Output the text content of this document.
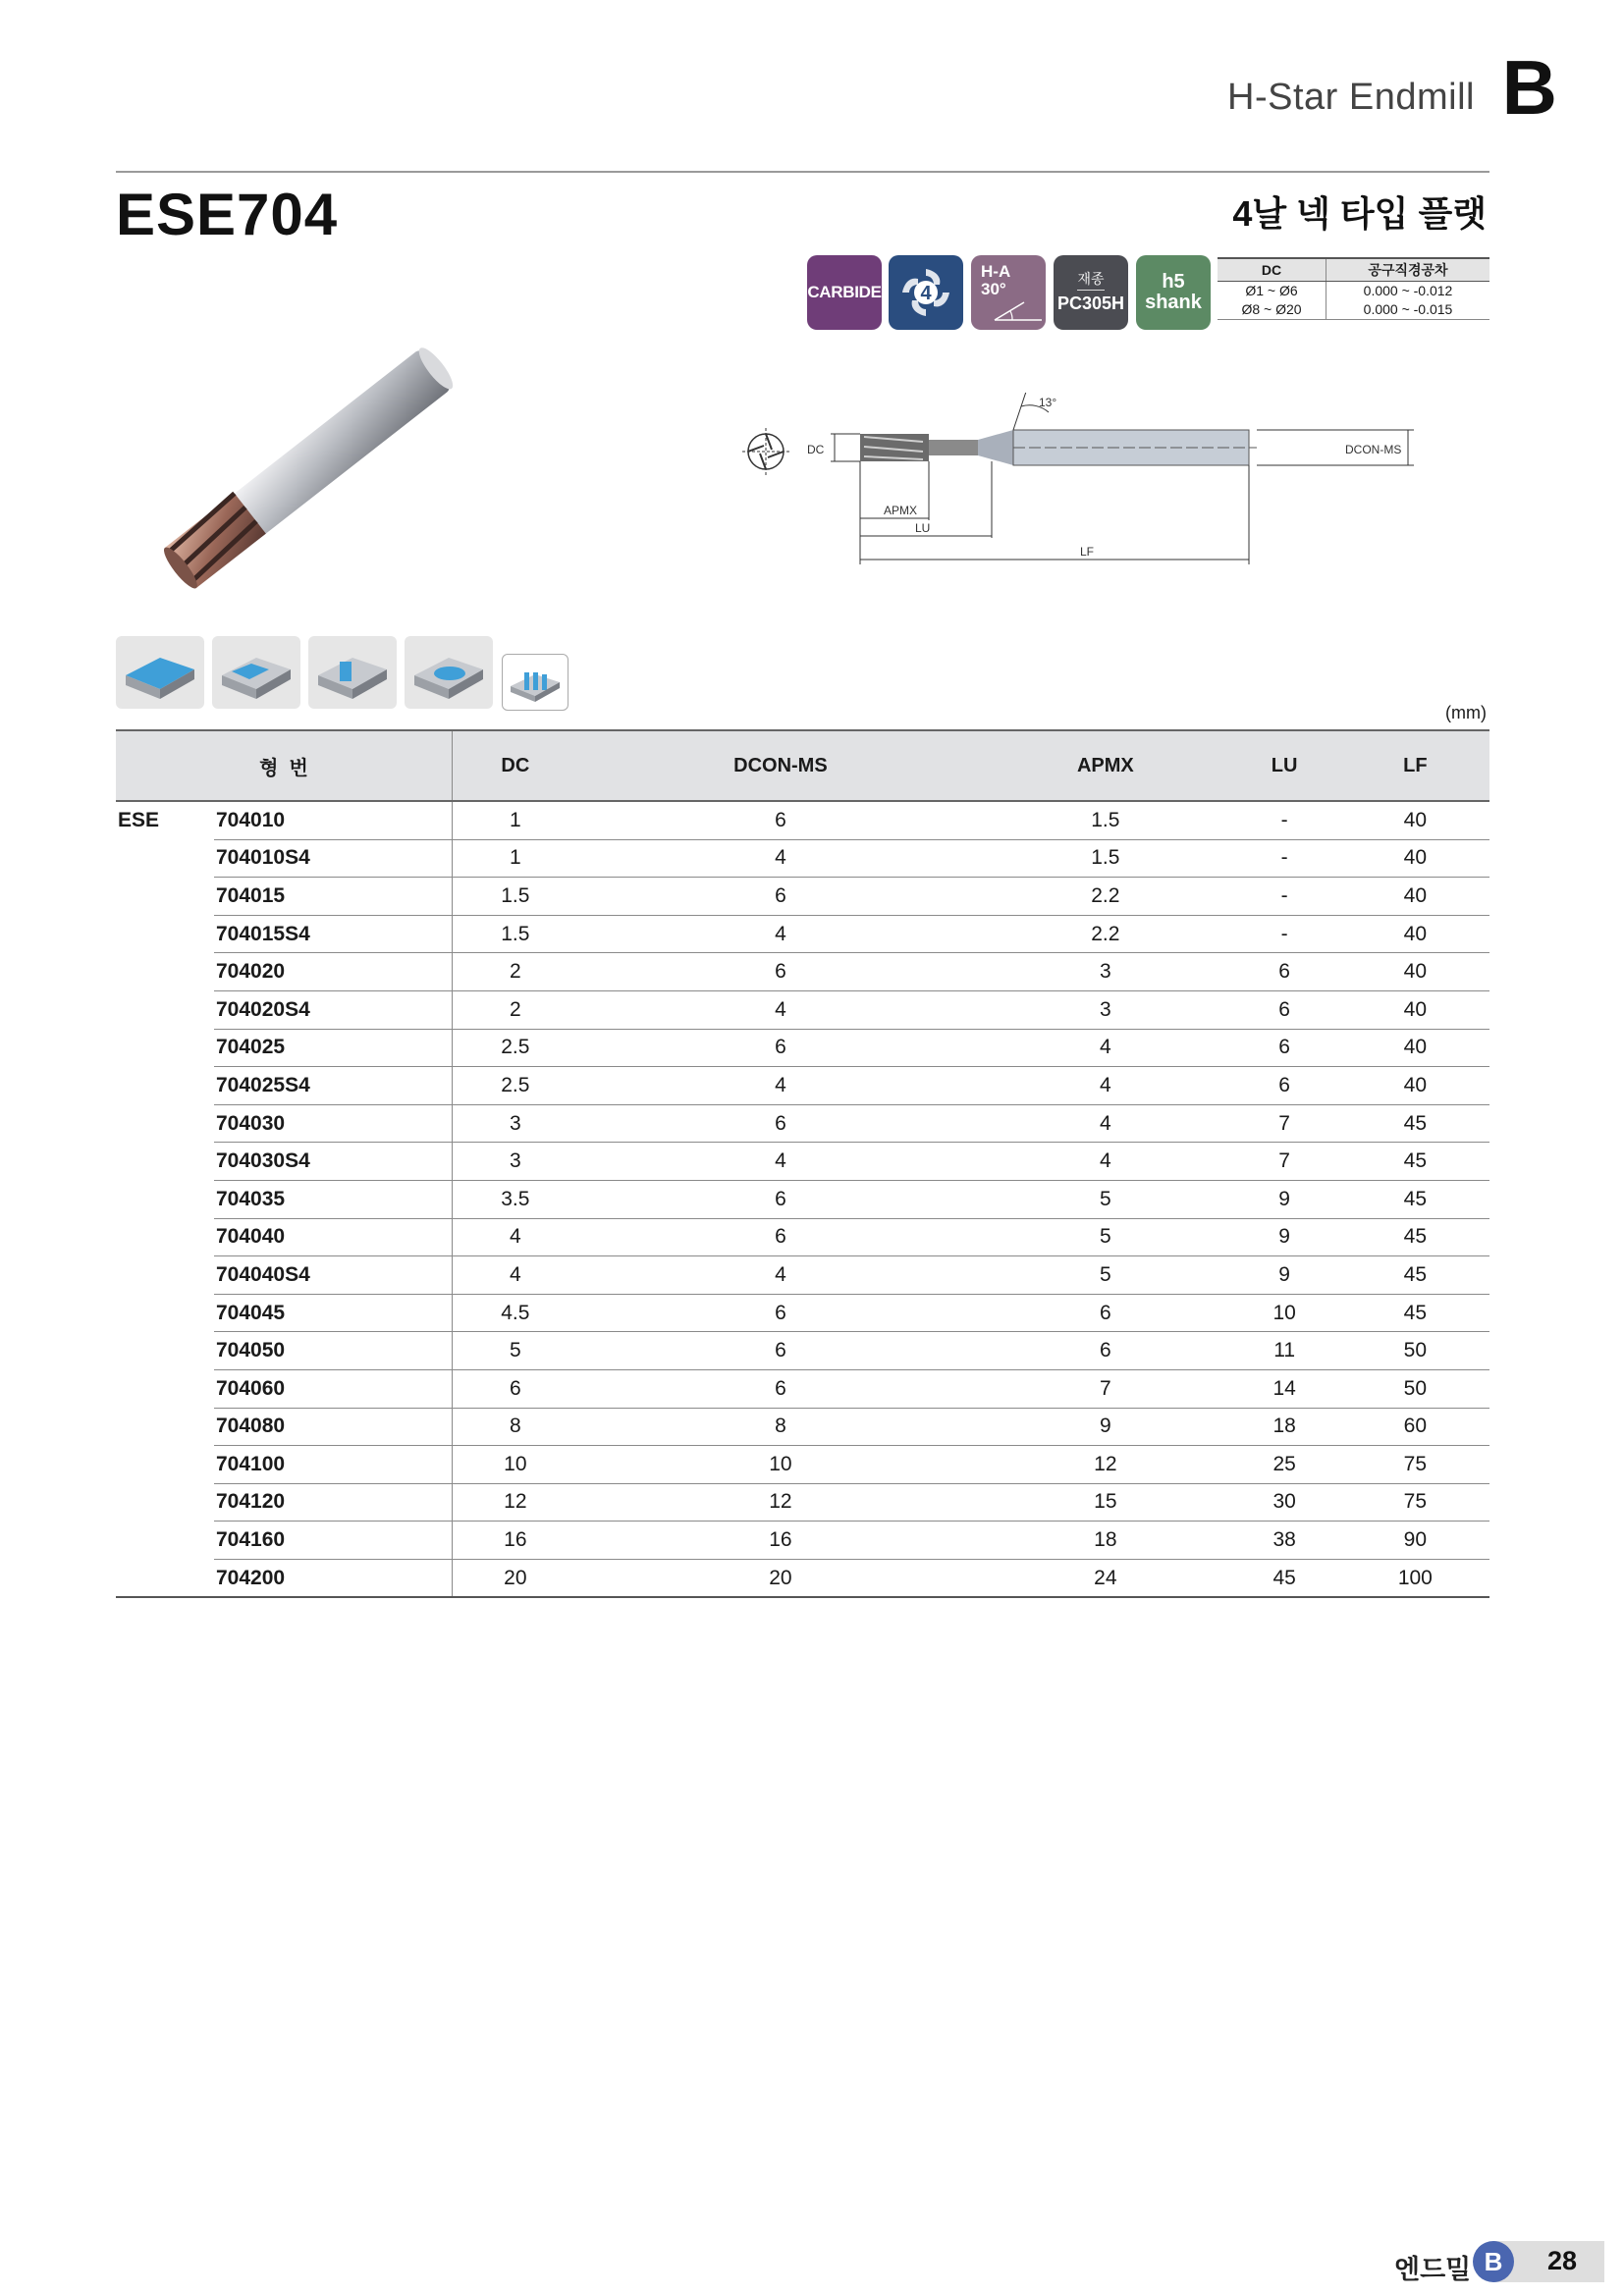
H-Star Endmill B
ESE704	4날 넥 타입 플랫
CARBIDE 4
H-A
30°
재종
PC305H
h5
shank
DC	공구직경공차
Ø1 ~ Ø6	0.000 ~ -0.012
Ø8 ~ Ø20	0.000 ~ -0.015
DC
13°
DCON-MS
APMX
LU
LF
(mm)
형  번		DC	DCON-MS	APMX	LU	LF
ESE	704010	1	6	1.5	-	40
	704010S4	1	4	1.5	-	40
	704015	1.5	6	2.2	-	40
	704015S4	1.5	4	2.2	-	40
	704020	2	6	3	6	40
	704020S4	2	4	3	6	40
	704025	2.5	6	4	6	40
	704025S4	2.5	4	4	6	40
	704030	3	6	4	7	45
	704030S4	3	4	4	7	45
	704035	3.5	6	5	9	45
	704040	4	6	5	9	45
	704040S4	4	4	5	9	45
	704045	4.5	6	6	10	45
	704050	5	6	6	11	50
	704060	6	6	7	14	50
	704080	8	8	9	18	60
	704100	10	10	12	25	75
	704120	12	12	15	30	75
	704160	16	16	18	38	90
	704200	20	20	24	45	100
엔드밀 B 28
